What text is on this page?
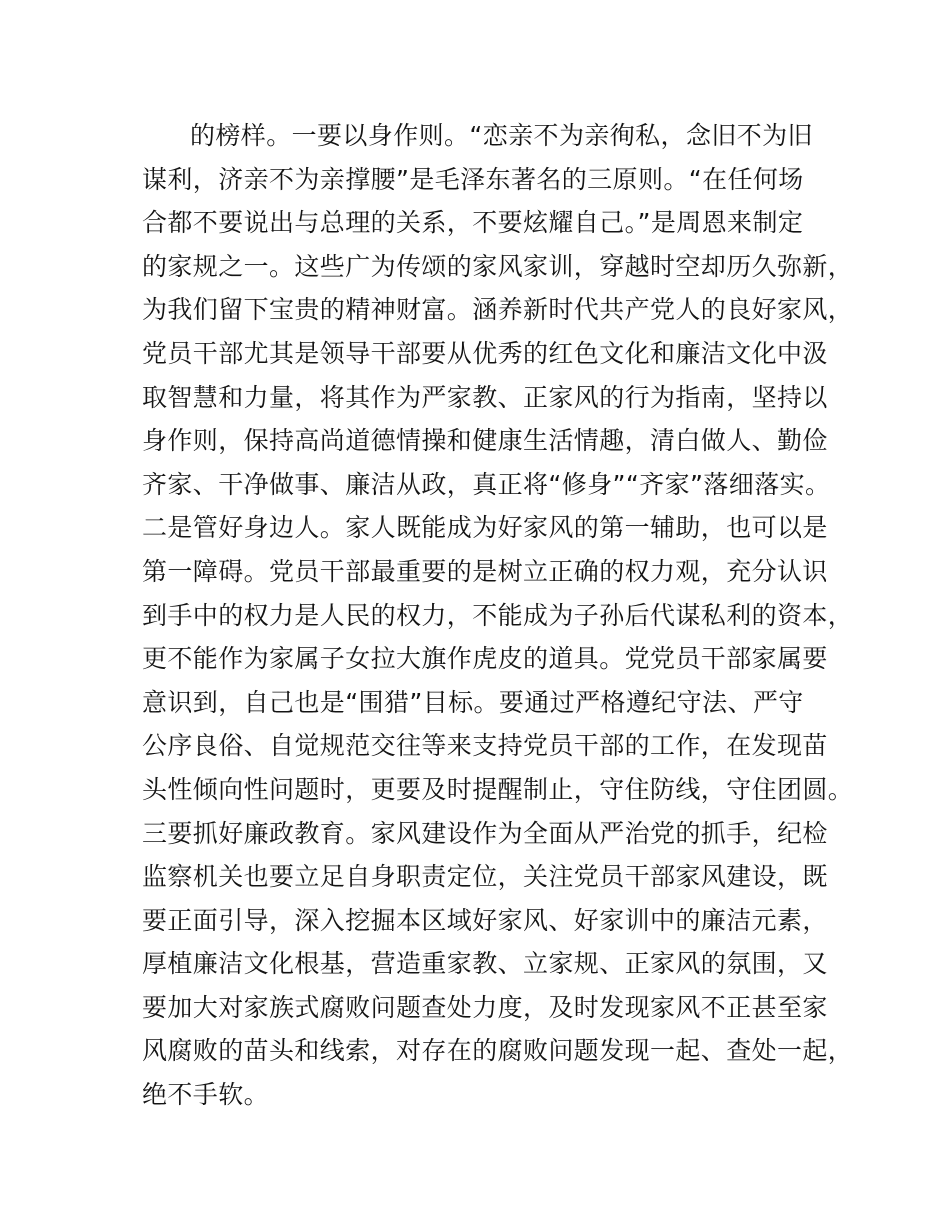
的榜样。一要以身作则。“恋亲不为亲徇私，念旧不为旧
谋利，济亲不为亲撑腰”是毛泽东著名的三原则。“在任何场
合都不要说出与总理的关系，不要炫耀自己。”是周恩来制定
的家规之一。这些广为传颂的家风家训，穿越时空却历久弥新，
为我们留下宝贵的精神财富。涵养新时代共产党人的良好家风，
党员干部尤其是领导干部要从优秀的红色文化和廉洁文化中汲
取智慧和力量，将其作为严家教、正家风的行为指南，坚持以
身作则，保持高尚道德情操和健康生活情趣，清白做人、勤俭
齐家、干净做事、廉洁从政，真正将“修身”“齐家”落细落实。
二是管好身边人。家人既能成为好家风的第一辅助，也可以是
第一障碍。党员干部最重要的是树立正确的权力观，充分认识
到手中的权力是人民的权力，不能成为子孙后代谋私利的资本，
更不能作为家属子女拉大旗作虎皮的道具。党党员干部家属要
意识到，自己也是“围猎”目标。要通过严格遵纪守法、严守
公序良俗、自觉规范交往等来支持党员干部的工作，在发现苗
头性倾向性问题时，更要及时提醒制止，守住防线，守住团圆。
三要抓好廉政教育。家风建设作为全面从严治党的抓手，纪检
监察机关也要立足自身职责定位，关注党员干部家风建设，既
要正面引导，深入挖掘本区域好家风、好家训中的廉洁元素，
厚植廉洁文化根基，营造重家教、立家规、正家风的氛围，又
要加大对家族式腐败问题查处力度，及时发现家风不正甚至家
风腐败的苗头和线索，对存在的腐败问题发现一起、查处一起，
绝不手软。
